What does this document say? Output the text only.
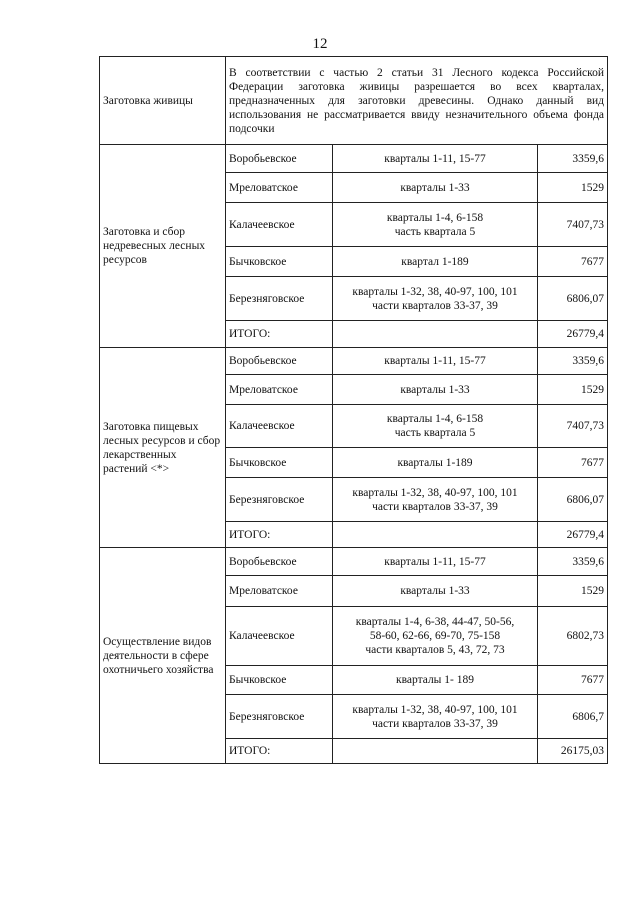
12
Заготовка живицы	В соответствии с частью 2 статьи 31 Лесного кодекса Российской Федерации заготовка живицы разрешается во всех кварталах, предназначенных для заготовки древесины. Однако данный вид использования не рассматривается ввиду незначительного объема фонда подсочки		
Заготовка и сбор недревесных лесных ресурсов	Воробьевское	кварталы 1-11, 15-77	3359,6
	Мреловатское	кварталы 1-33	1529
	Калачеевское	кварталы 1-4, 6-158
часть квартала 5	7407,73
	Бычковское	квартал 1-189	7677
	Березняговское	кварталы 1-32, 38, 40-97, 100, 101
части кварталов 33-37, 39	6806,07
	ИТОГО:		26779,4
Заготовка пищевых лесных ресурсов и сбор лекарственных растений <*>	Воробьевское	кварталы 1-11, 15-77	3359,6
	Мреловатское	кварталы 1-33	1529
	Калачеевское	кварталы 1-4, 6-158
часть квартала 5	7407,73
	Бычковское	кварталы 1-189	7677
	Березняговское	кварталы 1-32, 38, 40-97, 100, 101
части кварталов 33-37, 39	6806,07
	ИТОГО:		26779,4
Осуществление видов деятельности в сфере охотничьего хозяйства	Воробьевское	кварталы 1-11, 15-77	3359,6
	Мреловатское	кварталы 1-33	1529
	Калачеевское	кварталы 1-4, 6-38, 44-47, 50-56,
58-60, 62-66, 69-70, 75-158
части кварталов 5, 43, 72, 73	6802,73
	Бычковское	кварталы 1- 189	7677
	Березняговское	кварталы 1-32, 38, 40-97, 100, 101
части кварталов 33-37, 39	6806,7
	ИТОГО:		26175,03
